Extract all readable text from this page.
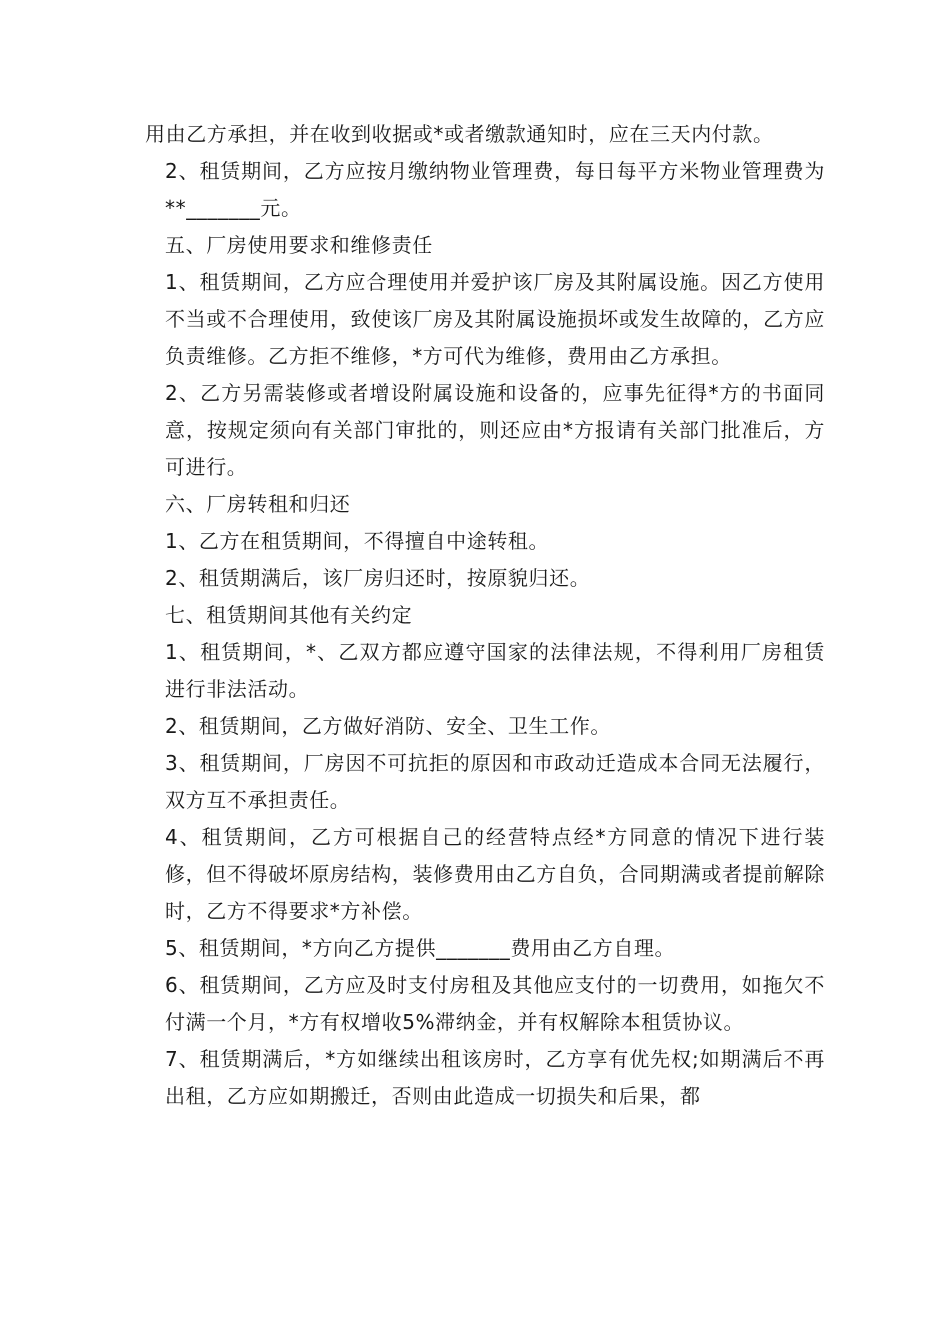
用由乙方承担，并在收到收据或*或者缴款通知时，应在三天内付款。

2、租赁期间，乙方应按月缴纳物业管理费，每日每平方米物业管理费为**_______元。

五、厂房使用要求和维修责任

1、租赁期间，乙方应合理使用并爱护该厂房及其附属设施。因乙方使用不当或不合理使用，致使该厂房及其附属设施损坏或发生故障的，乙方应负责维修。乙方拒不维修，*方可代为维修，费用由乙方承担。

2、乙方另需装修或者增设附属设施和设备的，应事先征得*方的书面同意，按规定须向有关部门审批的，则还应由*方报请有关部门批准后，方可进行。

六、厂房转租和归还

1、乙方在租赁期间，不得擅自中途转租。

2、租赁期满后，该厂房归还时，按原貌归还。

七、租赁期间其他有关约定

1、租赁期间，*、乙双方都应遵守国家的法律法规，不得利用厂房租赁进行非法活动。

2、租赁期间，乙方做好消防、安全、卫生工作。

3、租赁期间，厂房因不可抗拒的原因和市政动迁造成本合同无法履行，双方互不承担责任。

4、租赁期间，乙方可根据自己的经营特点经*方同意的情况下进行装修，但不得破坏原房结构，装修费用由乙方自负，合同期满或者提前解除时，乙方不得要求*方补偿。

5、租赁期间，*方向乙方提供_______费用由乙方自理。

6、租赁期间，乙方应及时支付房租及其他应支付的一切费用，如拖欠不付满一个月，*方有权增收5%滞纳金，并有权解除本租赁协议。

7、租赁期满后，*方如继续出租该房时，乙方享有优先权;如期满后不再出租，乙方应如期搬迁，否则由此造成一切损失和后果，都
